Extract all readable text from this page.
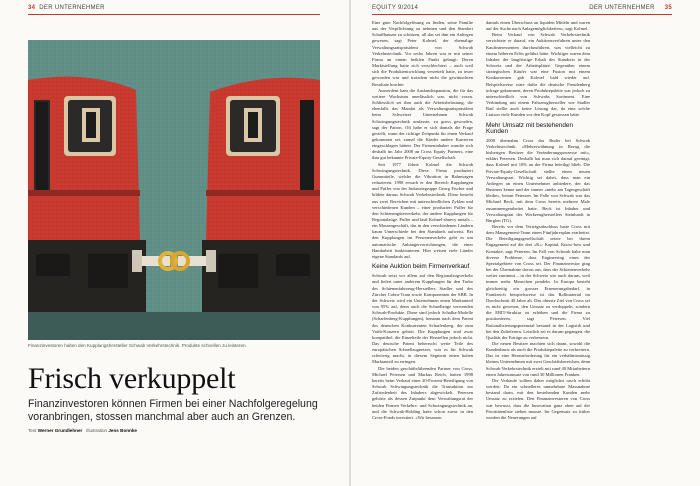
34 DER UNTERNEHMER
Finanzinvestoren halten den Kupplungshersteller Schwab Verkehrstechnik. Produkte schnellen zu leisteren.
Frisch verkuppelt
Finanzinvestoren können Firmen bei einer Nachfolgeregelung voranbringen, stossen manchmal aber auch an Grenzen.
Text Werner Grundlehner Illustration Jens Bonnke
EQUITY 9/2014	DER UNTERNEHMER 35

Eine gute Nachfolgelösung zu finden, seine Familie aus der Verpflichtung zu nehmen und den Standort Schaffhausen zu schützen, all das sei ihm ein Anliegen gewesen, sagt Peter Kolmel, der ehemalige Verwaltungsratspräsident von Schwab Verkehrstechnik. Vor sechs Jahren war er mit seiner Firma an einem heiklen Punkt gelangt: Deren Marktstellung hatte sich verschlechtert – auch weil sich die Produktentwicklung verzettelt hatte, zu teuer geworden war und trotzdem nicht die gewünschten Resultate brachte.

Ausserdem kam die Auslandexpansion, die für das weitere Wachstum unerlässlich war, nicht voran. Schliesslich sei ihm auch die Arbeitsbelastung, die ebenfalls das Mandat als Verwaltungsratspräsident beim Schweizer Unternehmen Schwab Schwingungstechnik umfasste, zu gross geworden, sagt der Patron. Oft habe er sich damals die Frage gestellt, wann der richtige Zeitpunkt für einen Verkauf gekommen sei, zumal die Kinder andere Karrieren eingeschlagen hätten. Der Firmeninhaber wandte sich deshalb im Jahr 2008 an Cross Equity Partners, eine ihm gut bekannte Private-Equity-Gesellschaft.

Seit 1977 führte Kolmel die Schwab Schwingungstechnik. Diese Firma produziert Gummiteile, welche die Vibration in Bahnwagen reduzieren. 1998 erwarb er den Bereich Kupplungen und Puffer von der Industriegruppe Georg Fischer und bildete daraus Schwab Verkehrstechnik. Diese besteht aus zwei Bereichen mit unterschiedlichen Zyklen und verschiedenen Kunden – einer produziert Puffer für den Schienengüterverkehr, der andere Kupplungen für Regionalzüge. Puffer und lastl Kohnel-shuecy metals – ein Massengeschäft, das in den verschiedenen Ländern kaum Unterschiede bei den Standards aufweist. Bei den Kupplungen im Personenverkehr geht es um automatische Anhängervorrichtungen, die einer Handarbeit funktionieren. Hier weisen viele Länder eigene Standards auf.

Keine Auktion beim Firmenverkauf

Schwab setzt vor allem auf den Regionalzugverkehr und liefert unter anderem Kupplungen für den Turbo des Schienenfahrzeug-Herstellers Stadler und des Zürcher Cobra-Tram sowie Komponenten der SBB. In der Schweiz wird ein Unternehmen einen Marktanteil von 95% auf, denn auch die Schnellzüge verwenden Schwab-Produkte. Diese sind jedoch Schalka-Modelle (Scharfenberg-Kupplungen), benannt nach dem Patent des deutschen Konkurrenten Scharfenberg, der zum Voith-Konzern gehört. Die Kupplungen sind zwar kompatibel, die Einzelteile der Herstellen jedoch nicht. Das deutsche Patent beherrscht weite Teile des europäischen Schnellzugnetzes, was es für Schwab schwierig macht, in diesem Segment einen hohen Marktanteil zu erringen.

Die beiden geschäftsführenden Partner von Cross, Michael Petersen und Markus Reich, hatten 1998 bereits beim Verkauf einer 20-Prozent-Beteiligung von Schwab Schwingungstechnik die Transaktion zur Zufriedenheit des Inhabers abgewickelt. Petersen gehörte als dessen Zutpunkt dem Verwaltungsrat der beiden Firmen Verkehrs- und Schwingungstechnik an, und die Schwab-Holding hatte schon zuvor in den Cross-Fonds investiert. «Wir besassen

damals einen Überschuss an liquiden Mitteln und waren auf der Suche nach Anlagemöglichkeiten», sagt Kolmel.

Beim Verkauf von Schwab Verkehrstechnik verzichtete er darauf, ein Auktionsverfahren unter den Kaufinteressenten durchzuführen, was vielleicht zu einem höheren Erlös geführt hätte. Wichtiger waren dem Inhaber der langfristige Erhalt des Standorts in der Schweiz und der Arbeitsplätze. Gegenüber einem strategischen Käufer war eine Fusion mit einem Konkurrenten gab Kolmel bald wieder auf. Beispielsweise wäre dafür die deutsche Freudenberg infrage gekommen, deren Produktepalette war jedoch zu unterschiedlich von Schwabs Sortiment. Eine Verbindung mit einem Fahrzeughersteller wie Stadler Rail stellte auch keine Lösung dar, da eine solche Liaison viele Kunden vor den Kopf gestossen hätte.

Mehr Umsatz mit bestehenden Kunden

2008 übernahm Cross das Ruder bei Schwab Verkehrstechnik. «Mehrerwähnung in Bezug die bisherigen Besitzer die Veränderungsprozesse mit», erklärt Petersen. Deshalb hat man sich darauf geeinigt, dass Kolmel mit 10% an der Firma beteiligt blieb. Die Private-Equity-Gesellschaft stellte einen neuen Verwaltungsrat. Wichtig sei dabei, dass man ein Anliegen an einen Unternehmer anbiedere, der das Business kenne und der immer «mehr am Tagesgeschäft bleibe», betont Petersen. Im Falle von Schwab war das Michael Beck, mit dem Cross bereits mehrere Male zusammengearbeitet hatte. Beck ist Inhaber und Verwaltungsrat des Werkzeugherstellers Steinhardt in Bürglen (TG).

Bereits vor dem Verträgsabschluss hatte Cross mit dem Management-Team einen Fünfjahresplan erarbeitet. Die Beteiligungsgesellschaft setzte bei ihrem Engagement auf die drei «K»: Kapital, Know-how und Kontakte, sagt Petersen. Im Fall von Schwab habe man diverse Probleme, dass Engineering eines der Spezialgebiete von Cross sei. Der Finanzinvestor ging bei der Übernahme davon aus, dass der Schienenverkehr weiter zunimmt – in der Schweiz wie auch darum, weil immer mehr Menschen pendeln. In Europa besteht gleichzeitig ein grosser Erneuerungsbedarf, in Frankreich beispielsweise ist das Rollmaterial im Durchschnitt 40 Jahre alt. Das oberste Ziel von Cross sei es nicht gewesen, den Umsatz zu verdoppeln, sondern die EBIT-Struktur zu erhöhen und die Firma zu positionieren, sagt Petersen. Viel Rationalisierungspotenzial bestand in der Logistik und bei den Zulieferern. Letztlich sei es darum gegangen, die Qualität der Erträge zu verbessern.

Die neuen Besitzer machten sich daran, sowohl die Kundenbasis als auch die Produktepalette zu verbreitern. Das ist eine Herausforderung für ein verhältnismässig kleines Unternehmen mit zwei Geschäftsbereichen, denn Schwab Verkehrstechnik erzielt mit rund 40 Mitarbeitern einen Jahresumsatz von rund 30 Millionen Franken.

Die Verkäufe sollten daher möglichst rasch erhöht werden. Da ein schnelleres unmehrbare Massnahme bestand darin, mit den bestehenden Kunden mehr Umsatz zu erzielen. Den Finanzinvestoren von Cross war bewusst, dass die Innovation ganz oben auf der Prioritätenliste stehen musste. Im Gegensatz zu früher wurden die Neuerungen auf
